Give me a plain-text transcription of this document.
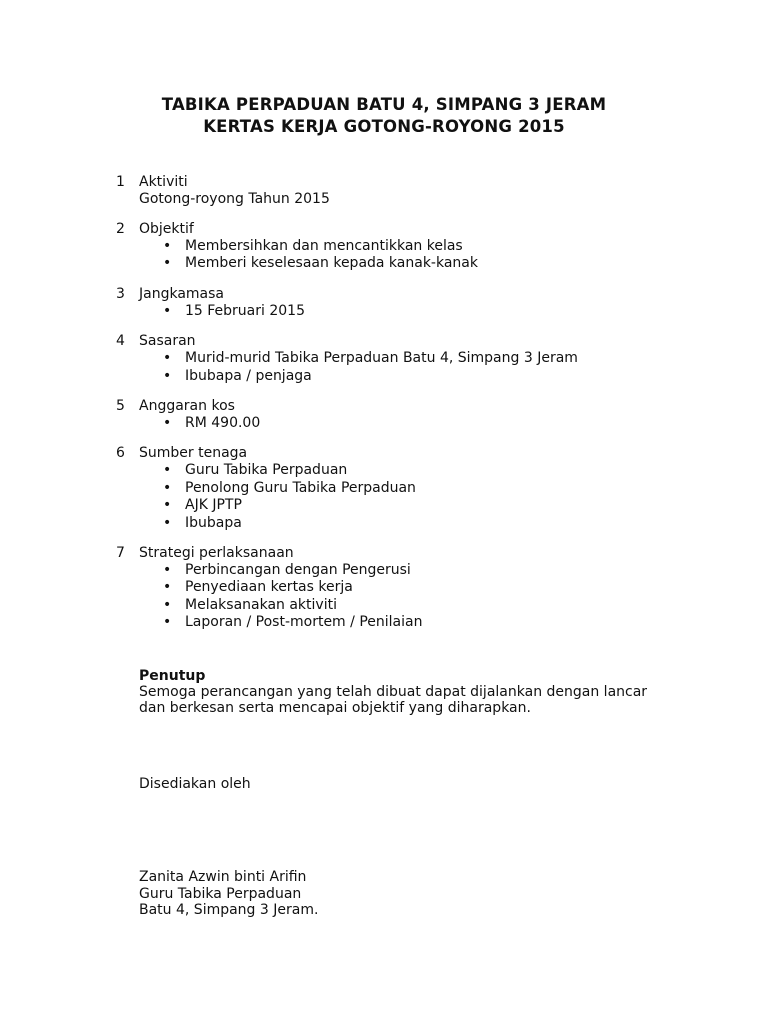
TABIKA PERPADUAN BATU 4, SIMPANG 3 JERAM
KERTAS KERJA GOTONG-ROYONG 2015
1	Aktiviti
Gotong-royong Tahun 2015
2	Objektif
• Membersihkan dan mencantikkan kelas
• Memberi keselesaan kepada kanak-kanak
3	Jangkamasa
• 15 Februari 2015
4	Sasaran
• Murid-murid Tabika Perpaduan Batu 4, Simpang 3 Jeram
• Ibubapa / penjaga
5	Anggaran kos
• RM 490.00
6	Sumber tenaga
• Guru Tabika Perpaduan
• Penolong Guru Tabika Perpaduan
• AJK JPTP
• Ibubapa
7	Strategi perlaksanaan
• Perbincangan dengan Pengerusi
• Penyediaan kertas kerja
• Melaksanakan aktiviti
• Laporan / Post-mortem / Penilaian
Penutup

Semoga perancangan yang telah dibuat dapat dijalankan dengan lancar

dan berkesan serta mencapai objektif yang diharapkan.

Disediakan oleh
Zanita Azwin binti Arifin
Guru Tabika Perpaduan
Batu 4, Simpang 3 Jeram.
